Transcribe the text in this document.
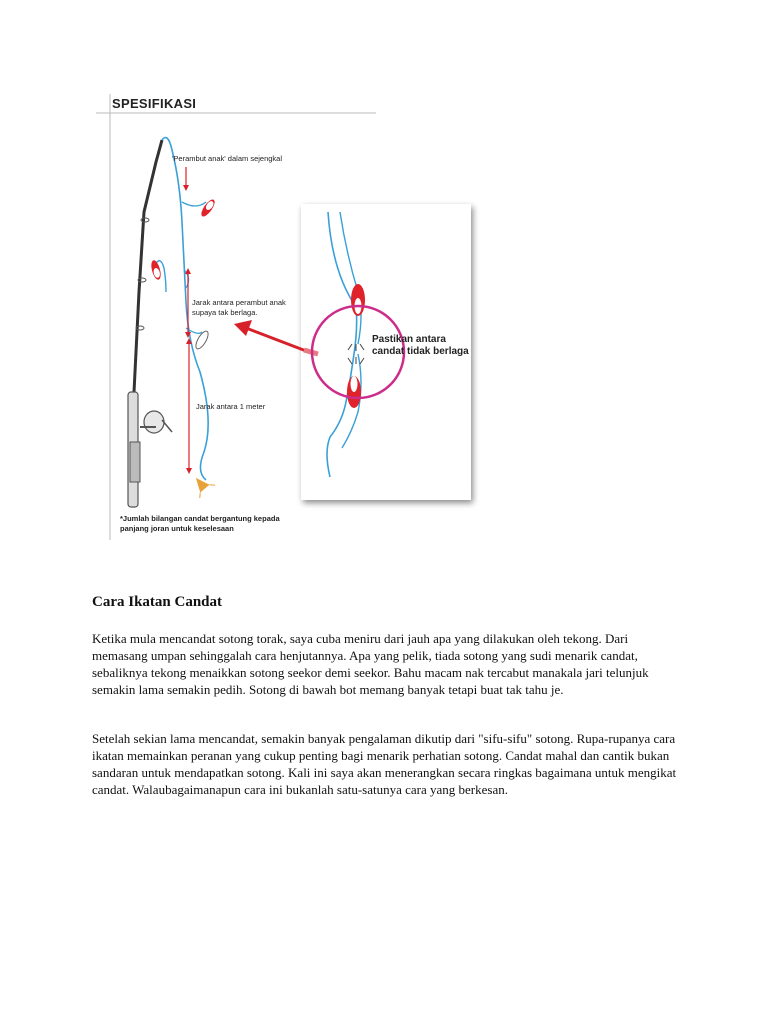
SPESIFIKASI
'Perambut anak' dalam sejengkal
Jarak antara perambut anak
supaya tak berlaga.
Jarak antara 1 meter
*Jumlah bilangan candat bergantung kepada
panjang joran untuk keselesaan
Pastikan antara
candat tidak berlaga
Cara Ikatan Candat

Ketika mula mencandat sotong torak, saya cuba meniru dari jauh apa yang dilakukan oleh tekong. Dari memasang umpan sehinggalah cara henjutannya. Apa yang pelik, tiada sotong yang sudi menarik candat, sebaliknya tekong menaikkan sotong seekor demi seekor. Bahu macam nak tercabut manakala jari telunjuk semakin lama semakin pedih. Sotong di bawah bot memang banyak tetapi buat tak tahu je.

Setelah sekian lama mencandat, semakin banyak pengalaman dikutip dari "sifu-sifu" sotong. Rupa-rupanya cara ikatan memainkan peranan yang cukup penting bagi menarik perhatian sotong. Candat mahal dan cantik bukan sandaran untuk mendapatkan sotong. Kali ini saya akan menerangkan secara ringkas bagaimana untuk mengikat candat. Walaubagaimanapun cara ini bukanlah satu-satunya cara yang berkesan.
